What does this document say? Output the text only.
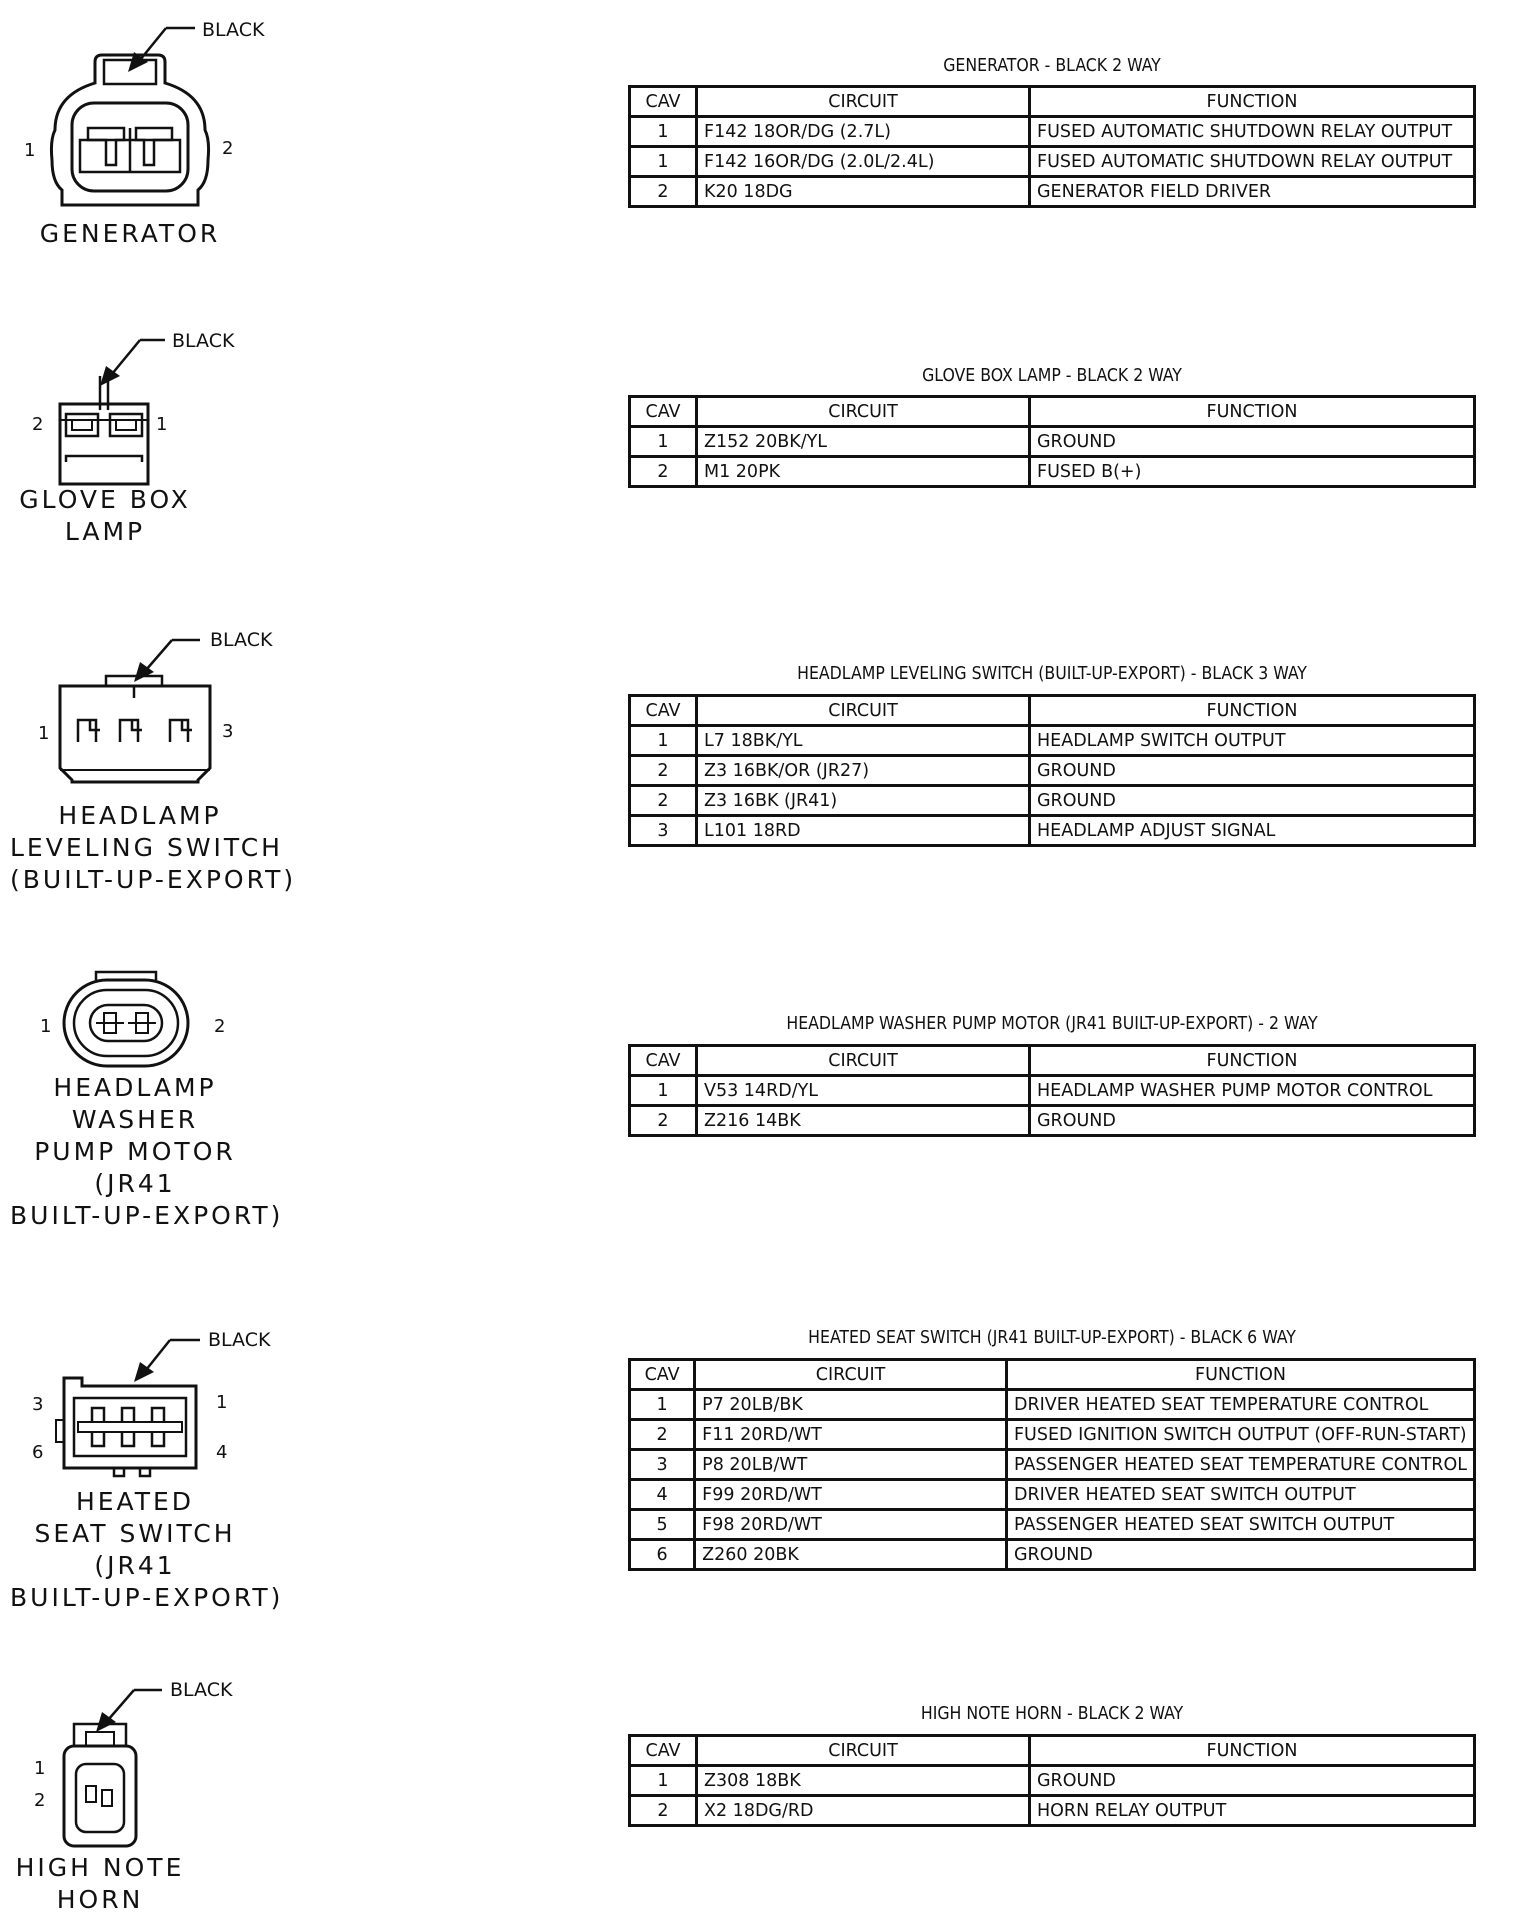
BLACK
1	2
GENERATOR
GENERATOR - BLACK 2 WAY
CAV	CIRCUIT	FUNCTION
1	F142 18OR/DG (2.7L)	FUSED AUTOMATIC SHUTDOWN RELAY OUTPUT
1	F142 16OR/DG (2.0L/2.4L)	FUSED AUTOMATIC SHUTDOWN RELAY OUTPUT
2	K20 18DG	GENERATOR FIELD DRIVER
BLACK
2	1
GLOVE BOX
LAMP
GLOVE BOX LAMP - BLACK 2 WAY
CAV	CIRCUIT	FUNCTION
1	Z152 20BK/YL	GROUND
2	M1 20PK	FUSED B(+)
BLACK
1	3
HEADLAMP
LEVELING SWITCH
(BUILT-UP-EXPORT)
HEADLAMP LEVELING SWITCH (BUILT-UP-EXPORT) - BLACK 3 WAY
CAV	CIRCUIT	FUNCTION
1	L7 18BK/YL	HEADLAMP SWITCH OUTPUT
2	Z3 16BK/OR (JR27)	GROUND
2	Z3 16BK (JR41)	GROUND
3	L101 18RD	HEADLAMP ADJUST SIGNAL
1	2
HEADLAMP
WASHER
PUMP MOTOR
(JR41
BUILT-UP-EXPORT)
HEADLAMP WASHER PUMP MOTOR (JR41 BUILT-UP-EXPORT) - 2 WAY
CAV	CIRCUIT	FUNCTION
1	V53 14RD/YL	HEADLAMP WASHER PUMP MOTOR CONTROL
2	Z216 14BK	GROUND
BLACK
3	1
6	4
HEATED
SEAT SWITCH
(JR41
BUILT-UP-EXPORT)
HEATED SEAT SWITCH (JR41 BUILT-UP-EXPORT) - BLACK 6 WAY
CAV	CIRCUIT	FUNCTION
1	P7 20LB/BK	DRIVER HEATED SEAT TEMPERATURE CONTROL
2	F11 20RD/WT	FUSED IGNITION SWITCH OUTPUT (OFF-RUN-START)
3	P8 20LB/WT	PASSENGER HEATED SEAT TEMPERATURE CONTROL
4	F99 20RD/WT	DRIVER HEATED SEAT SWITCH OUTPUT
5	F98 20RD/WT	PASSENGER HEATED SEAT SWITCH OUTPUT
6	Z260 20BK	GROUND
BLACK
1
2
HIGH NOTE
HORN
HIGH NOTE HORN - BLACK 2 WAY
CAV	CIRCUIT	FUNCTION
1	Z308 18BK	GROUND
2	X2 18DG/RD	HORN RELAY OUTPUT
